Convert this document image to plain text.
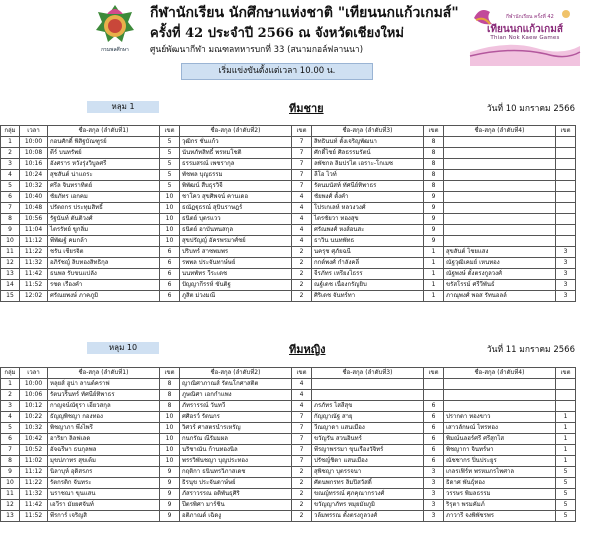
กรมพลศึกษา
กีฬานักเรียน นักศึกษาแห่งชาติ "เทียนนกแก้วเกมส์"
ครั้งที่ 42 ประจำปี 2566 ณ จังหวัดเชียงใหม่
ศูนย์พัฒนากีฬา มณฑลทหารบกที่ 33 (สนามกอล์ฟลานนา)
กีฬานักเรียน ครั้งที่ 42
เทียนนกแก้วเกมส์
Thian Nok Kaew Games
เริ่มแข่งขันตั้งแต่เวลา 10.00 น.
หลุม 1	ทีมชาย	วันที่ 10 มกราคม 2566
กลุ่ม	เวลา	ชื่อ-สกุล (ลำดับที่1)	เขต	ชื่อ-สกุล (ลำดับที่2)	เขต	ชื่อ-สกุล (ลำดับที่3)	เขต	ชื่อ-สกุล (ลำดับที่4)	เขต
1	10:00	กอนศักดิ์ พิสิฐบัณฑูรย์	5	วุฒิกร ชั่นแก้ว	7	สิทธินนท์ ตั้งเจริญพัฒนา	8		
2	10:08	ตีร์ บนทรัพย์	5	นันทภัทสิทธิ์ พรหมโชติ	7	ศักดิ์ไชย์ ศิลธรรมรัตน์	8		
3	10:16	อังศราร หวังรุ่งวิบูลศรี	5	ธรรมสรณ์ เพชรากุล	7	ลพัชกล ลิมปรไต เอราะ-โกเมซ	8		
4	10:24	สุชสันต์ น่าแถระ	5	พัชพล บุญธรรม	7	ลีโอ ไวท์	8		
5	10:32	ศรีล จินทราทิตย์	5	พิพัฒน์ สืบธุรวิจี	7	รัตนมนัสท์ ทัศนีย์ทิพาธร	8		
6	10:40	ชัยภัทร เอกคม	10	ชาโคว สุขศิพจน์ คานเดอ	4	ชัยพงศ์ ตั้งคำ	9		
7	10:48	ปรัตถกร ประทุมสิทธิ์	10	ธณัฏฐุธรณ์ สุบินราษฎร์	4	โปรเกเลห์ หลวงวงศ์	9		
8	10:56	รัฐนันท์ ตันติวงศ์	10	ธนิตย์ บุตรแวว	4	ไตรชัยวา ทองสุข	9		
9	11:04	ไตรรัทย์ ขูกลิ่ม	10	ธนิตย์ อาบันทนสกุล	4	ศรัณพงศ์ หงส์อนสะ	9		
10	11:12	พีพัฒฐ์ คมกล้า	10	สุขปรัญญ์ อัครพรมาศ์ชย์	4	ธาวิน นนทพัทธ	9		
11	11:22	ชรัน เชียรจิต	6	ปริบทร์ สาซพมพร	2	นครุช ศุภัยฉนี	1	สุขสันต์ ไชยแสง	3
12	11:32	อภิรัชญ์ ลิบทองสิทธิกุล	6	รพพล ประจันทาษ์ษย์	2	กกต์พงศ์ กำลังคลี่	1	ณัฐวุฒิเคมย์ เหนทอง	3
13	11:42	ธนพล รับขนแปลัง	6	นนทพัทร วีระเดช	2	จีรภัทร เหรียงไธรร	1	ณัฐพงษ์ ตั้งตรงกูลวงศ์	3
14	11:52	รชด เรืองคำ	6	ปัญญากีรรห์ ขันติฐ	2	ณฐ์เดช เนื่องกรัญยิบ	1	ขรัสโรรม์ ศรีวีพันธ์	3
15	12:02	ศรัณยพงษ์ ภาคภูมิ	6	ภูสิต ม่วงมณี	2	ศิริเดช จันทร์ทา	1	ภาณุพงศ์ พอส รัทนอลล์	3
หลุม 10	ทีมหญิง	วันที่ 11 มกราคม 2566
กลุ่ม	เวลา	ชื่อ-สกุล (ลำดับที่1)	เขต	ชื่อ-สกุล (ลำดับที่2)	เขต	ชื่อ-สกุล (ลำดับที่3)	เขต	ชื่อ-สกุล (ลำดับที่4)	เขต
1	10:00	หลุยส์ ฮูน่า ลานต์คราฟ	8	ญาณิศาภาณส์ รัตนโกศาสติต	4				
2	10:06	รัตนวริินทร์ ทัศนีย์ทิพาธร	8	ภูษณิศา เอกกำแพง	4				
3	10:12	กาญจน์ณัฐุรา เอี่ยวสกุล	8	ภัทรารรณ์ วันทวี	4	ภรภัทร ไสสีสุข	6		
4	10:22	ธัญญพิชญา กองทอง	10	ศศิอรว์ รัตนกร	7	กัญญาณัฐ สายุ	6	ปรากดา ทองขาว	1
5	10:32	พิชญาภา พึ่งไพรี	10	วิศวร์ ศาสตรนำรเหรัญ	7	วีณญาดา แสนเมือง	6	เสาวลักษณ์ ไทรทอง	1
6	10:42	อาริยา ลิลฟเลด	10	กนกรัณ ณีรัมมผล	7	ขวัญรัน สวนอินทร์	6	พิมณ์นลฮร์ศรี ศรีสุกไส	1
7	10:52	อัจฉรีษา ธนกุลพล	10	นริชาณัน ก้านทองนิล	7	พีรญาพรรมา ขุนเรืองวัจิทร์	6	พิชญากา จินทร์ษา	1
8	11:02	มุขปภาทร สุขเต้ม	10	พรรวิพันชญา บุญประทอง	7	ปรัชญ์ชิตา แสนเมือง	6	ณัชชากร ปิ่นประยูร	1
9	11:12	นิลาบุห์ อุดิสรภร	9	กฤติกา ธนินทรวิภาสเดช	2	สุพิชญา บุตรรจนา	3	เกลรเฟิร์ท พรหมภรไพศาล	5
10	11:22	รัตกรติก จันทระ	9	ธิรนุข ประจันดาษ์ษย์	2	ศัตนพกรทร ลิมปิสวัสดิ์	3	ธิดาศ พันธุ์ทอง	5
11	11:32	นราชณา ขุนแสน	9	ภัสราวรรณ อติพันธุศิริ	2	ขณญ์ทรรณ์ ศุภคุณากรวงศ์	3	วรรษร พิมลธรรม	5
12	11:42	เอวีรา มัยยศจันท์	9	ปีตรพิศา มาร์ชิน	2	ขวัญญาภัทร หมุยมัยภูมิ	3	ริรุตา พรมคัมภ์	5
13	11:52	พีรการ์ เจริญสิ	9	อติภาณด์ เฉิดงู	2	วล้มพรรณ ตั้งตรงกูลวงศ์	3	ภาวารี จงพิพัชรพร	5
